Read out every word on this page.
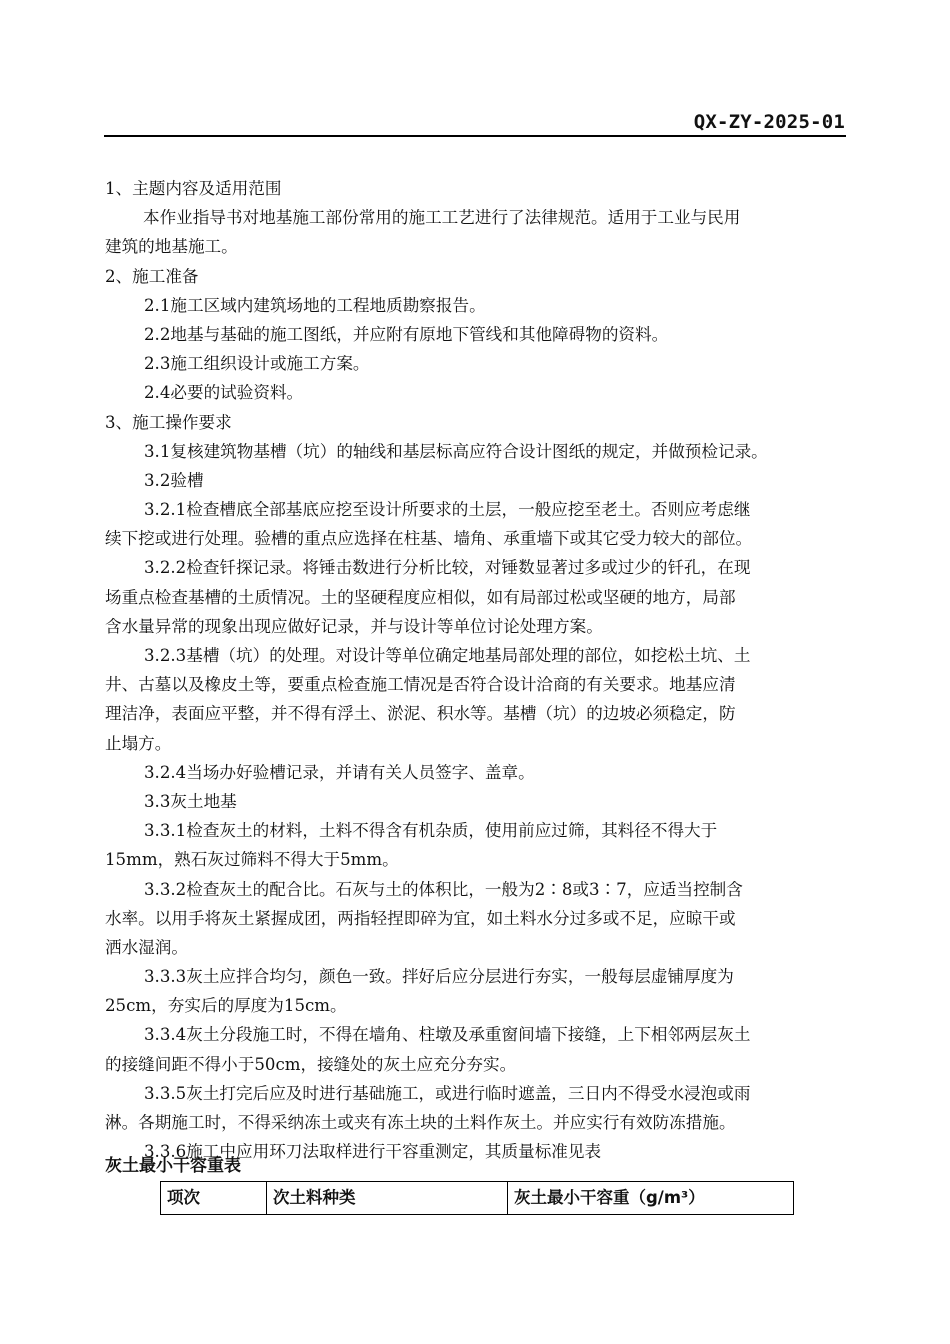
QX-ZY-2025-01
1、主题内容及适用范围
本作业指导书对地基施工部份常用的施工工艺进行了法律规范。适用于工业与民用
建筑的地基施工。
2、施工准备
2.1施工区域内建筑场地的工程地质勘察报告。
2.2地基与基础的施工图纸，并应附有原地下管线和其他障碍物的资料。
2.3施工组织设计或施工方案。
2.4必要的试验资料。
3、施工操作要求
3.1复核建筑物基槽（坑）的轴线和基层标高应符合设计图纸的规定，并做预检记录。
3.2验槽
3.2.1检查槽底全部基底应挖至设计所要求的土层，一般应挖至老土。否则应考虑继
续下挖或进行处理。验槽的重点应选择在柱基、墙角、承重墙下或其它受力较大的部位。
3.2.2检查钎探记录。将锤击数进行分析比较，对锤数显著过多或过少的钎孔，在现
场重点检查基槽的土质情况。土的坚硬程度应相似，如有局部过松或坚硬的地方，局部
含水量异常的现象出现应做好记录，并与设计等单位讨论处理方案。
3.2.3基槽（坑）的处理。对设计等单位确定地基局部处理的部位，如挖松土坑、土
井、古墓以及橡皮土等，要重点检查施工情况是否符合设计洽商的有关要求。地基应清
理洁净，表面应平整，并不得有浮土、淤泥、积水等。基槽（坑）的边坡必须稳定，防
止塌方。
3.2.4当场办好验槽记录，并请有关人员签字、盖章。
3.3灰土地基
3.3.1检查灰土的材料，土料不得含有机杂质，使用前应过筛，其料径不得大于
15mm，熟石灰过筛料不得大于5mm。
3.3.2检查灰土的配合比。石灰与土的体积比，一般为2∶8或3∶7，应适当控制含
水率。以用手将灰土紧握成团，两指轻捏即碎为宜，如土料水分过多或不足，应晾干或
洒水湿润。
3.3.3灰土应拌合均匀，颜色一致。拌好后应分层进行夯实，一般每层虚铺厚度为
25cm，夯实后的厚度为15cm。
3.3.4灰土分段施工时，不得在墙角、柱墩及承重窗间墙下接缝，上下相邻两层灰土
的接缝间距不得小于50cm，接缝处的灰土应充分夯实。
3.3.5灰土打完后应及时进行基础施工，或进行临时遮盖，三日内不得受水浸泡或雨
淋。各期施工时，不得采纳冻土或夹有冻土块的土料作灰土。并应实行有效防冻措施。
3.3.6施工中应用环刀法取样进行干容重测定，其质量标准见表
灰土最小干容重表
项次	次土料种类	灰土最小干容重（g/m³）
